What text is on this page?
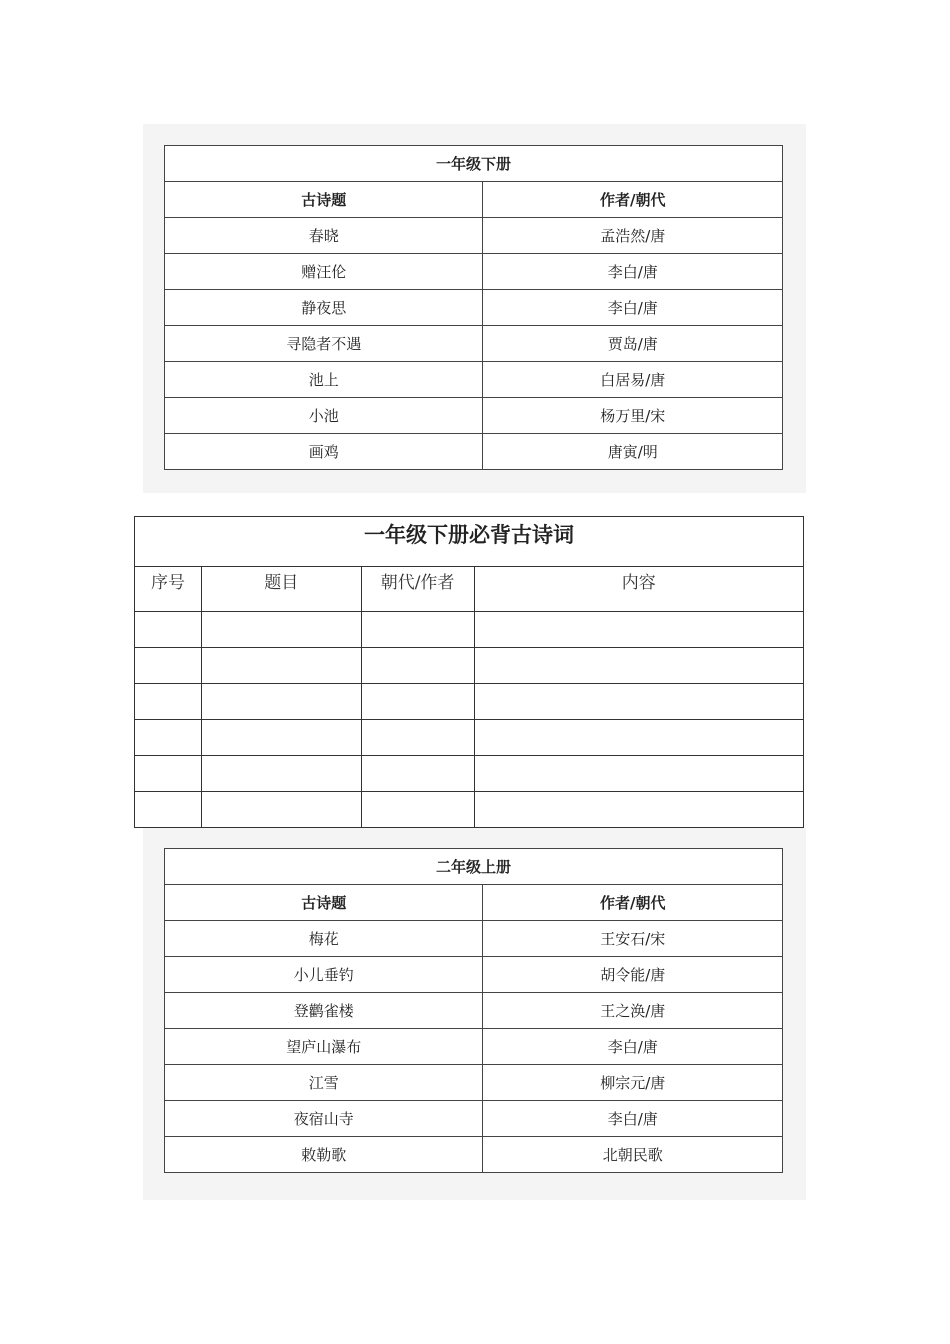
一年级下册	
古诗题	作者/朝代
春晓	孟浩然/唐
赠汪伦	李白/唐
静夜思	李白/唐
寻隐者不遇	贾岛/唐
池上	白居易/唐
小池	杨万里/宋
画鸡	唐寅/明
一年级下册必背古诗词			
序号	题目	朝代/作者	内容

二年级上册	
古诗题	作者/朝代
梅花	王安石/宋
小儿垂钓	胡令能/唐
登鹳雀楼	王之涣/唐
望庐山瀑布	李白/唐
江雪	柳宗元/唐
夜宿山寺	李白/唐
敕勒歌	北朝民歌
